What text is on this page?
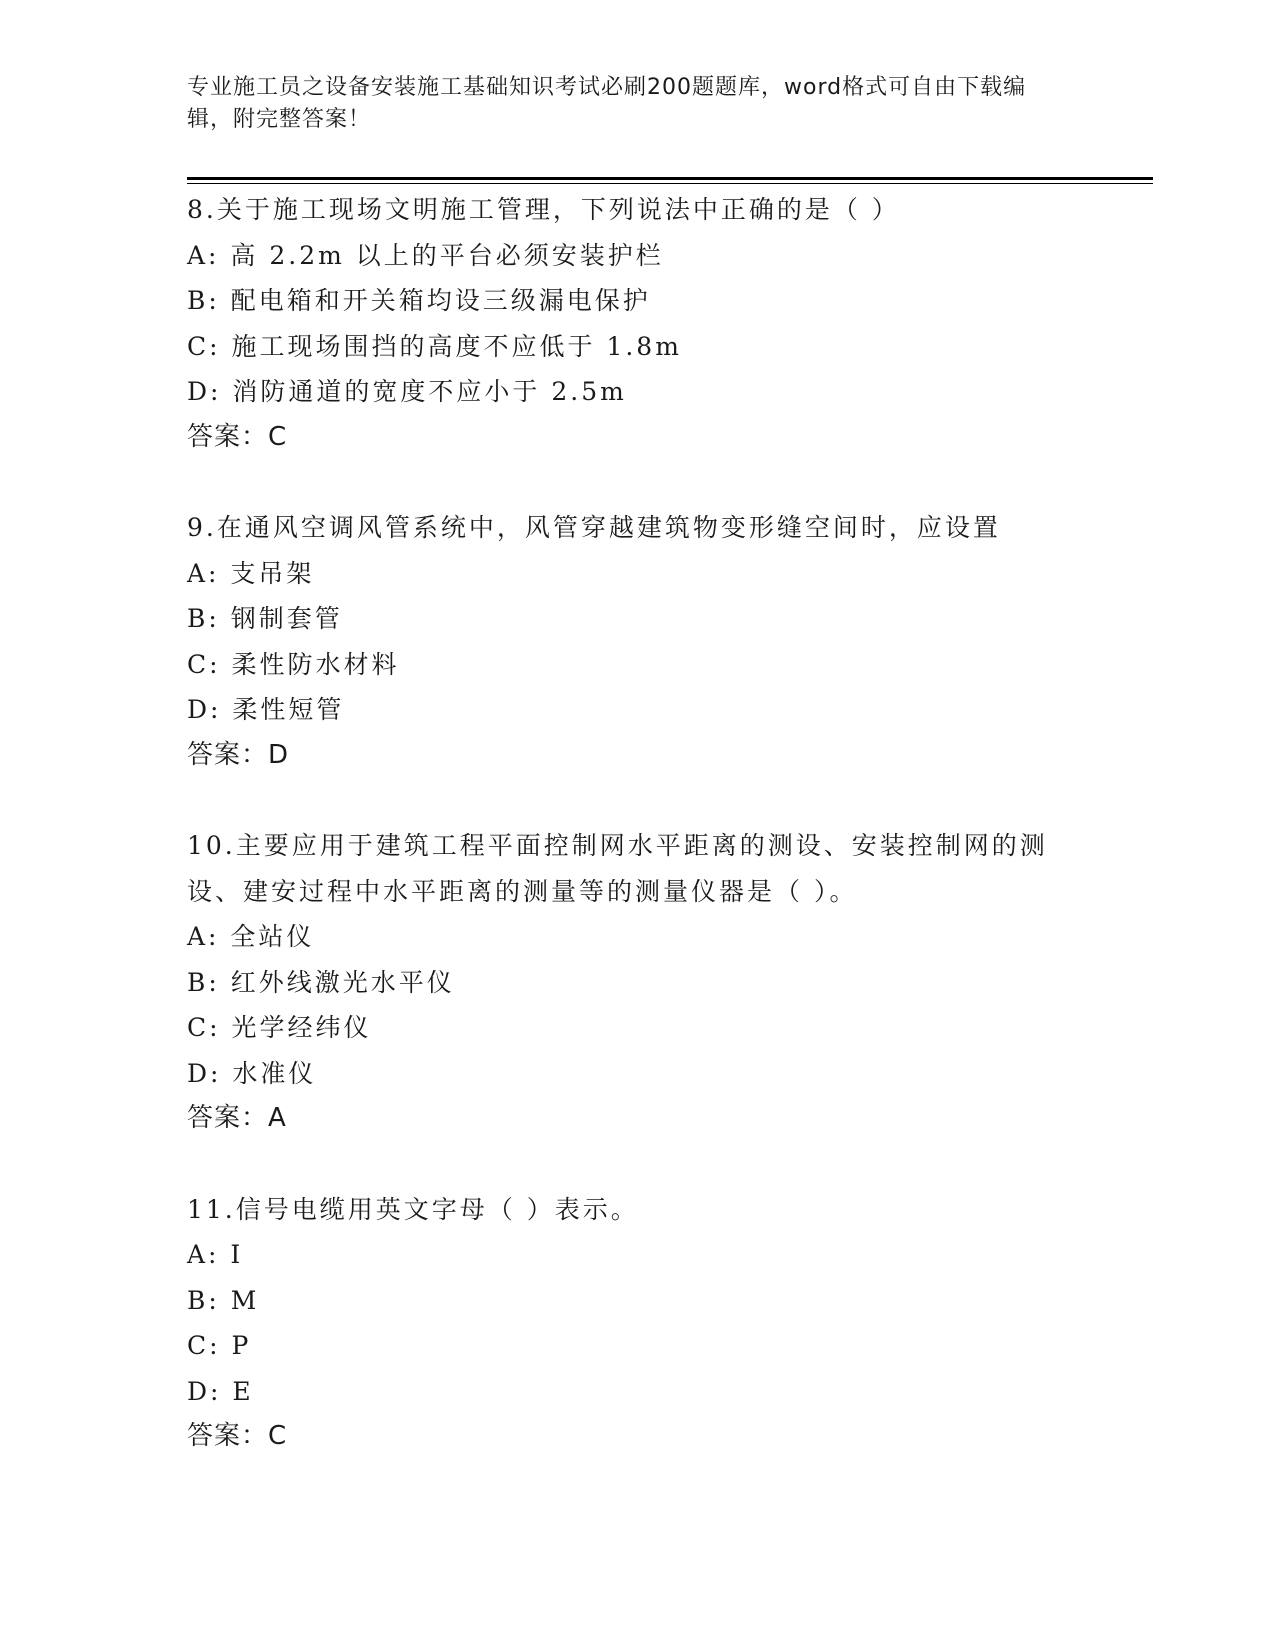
专业施工员之设备安装施工基础知识考试必刷200题题库，word格式可自由下载编辑，附完整答案！
8.关于施工现场文明施工管理，下列说法中正确的是（ ）
A: 高 2.2m 以上的平台必须安装护栏
B: 配电箱和开关箱均设三级漏电保护
C: 施工现场围挡的高度不应低于 1.8m
D: 消防通道的宽度不应小于 2.5m
答案：C
9.在通风空调风管系统中，风管穿越建筑物变形缝空间时，应设置
A: 支吊架
B: 钢制套管
C: 柔性防水材料
D: 柔性短管
答案：D
10.主要应用于建筑工程平面控制网水平距离的测设、安装控制网的测设、建安过程中水平距离的测量等的测量仪器是（ ）。
A: 全站仪
B: 红外线激光水平仪
C: 光学经纬仪
D: 水准仪
答案：A
11.信号电缆用英文字母（ ）表示。
A: I
B: M
C: P
D: E
答案：C
